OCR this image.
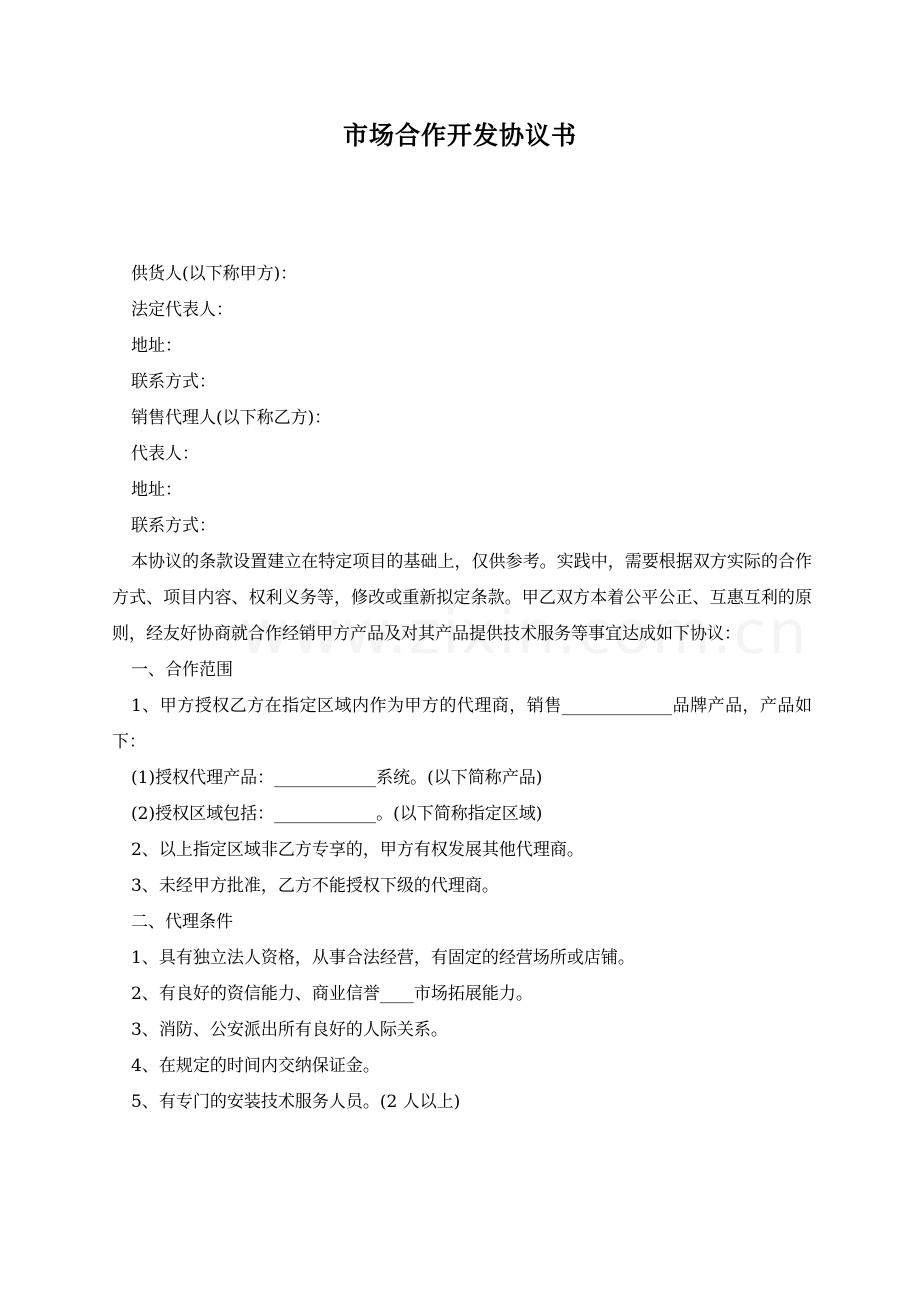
市场合作开发协议书

供货人(以下称甲方)：

法定代表人：

地址：

联系方式：

销售代理人(以下称乙方)：

代表人：

地址：

联系方式：

本协议的条款设置建立在特定项目的基础上，仅供参考。实践中，需要根据双方实际的合作方式、项目内容、权利义务等，修改或重新拟定条款。甲乙双方本着公平公正、互惠互利的原则，经友好协商就合作经销甲方产品及对其产品提供技术服务等事宜达成如下协议：

一、合作范围

1、甲方授权乙方在指定区域内作为甲方的代理商，销售_____________品牌产品，产品如下：

(1)授权代理产品：____________系统。(以下简称产品)

(2)授权区域包括：____________。(以下简称指定区域)

2、以上指定区域非乙方专享的，甲方有权发展其他代理商。

3、未经甲方批准，乙方不能授权下级的代理商。

二、代理条件

1、具有独立法人资格，从事合法经营，有固定的经营场所或店铺。

2、有良好的资信能力、商业信誉____市场拓展能力。

3、消防、公安派出所有良好的人际关系。

4、在规定的时间内交纳保证金。

5、有专门的安装技术服务人员。(2 人以上)
